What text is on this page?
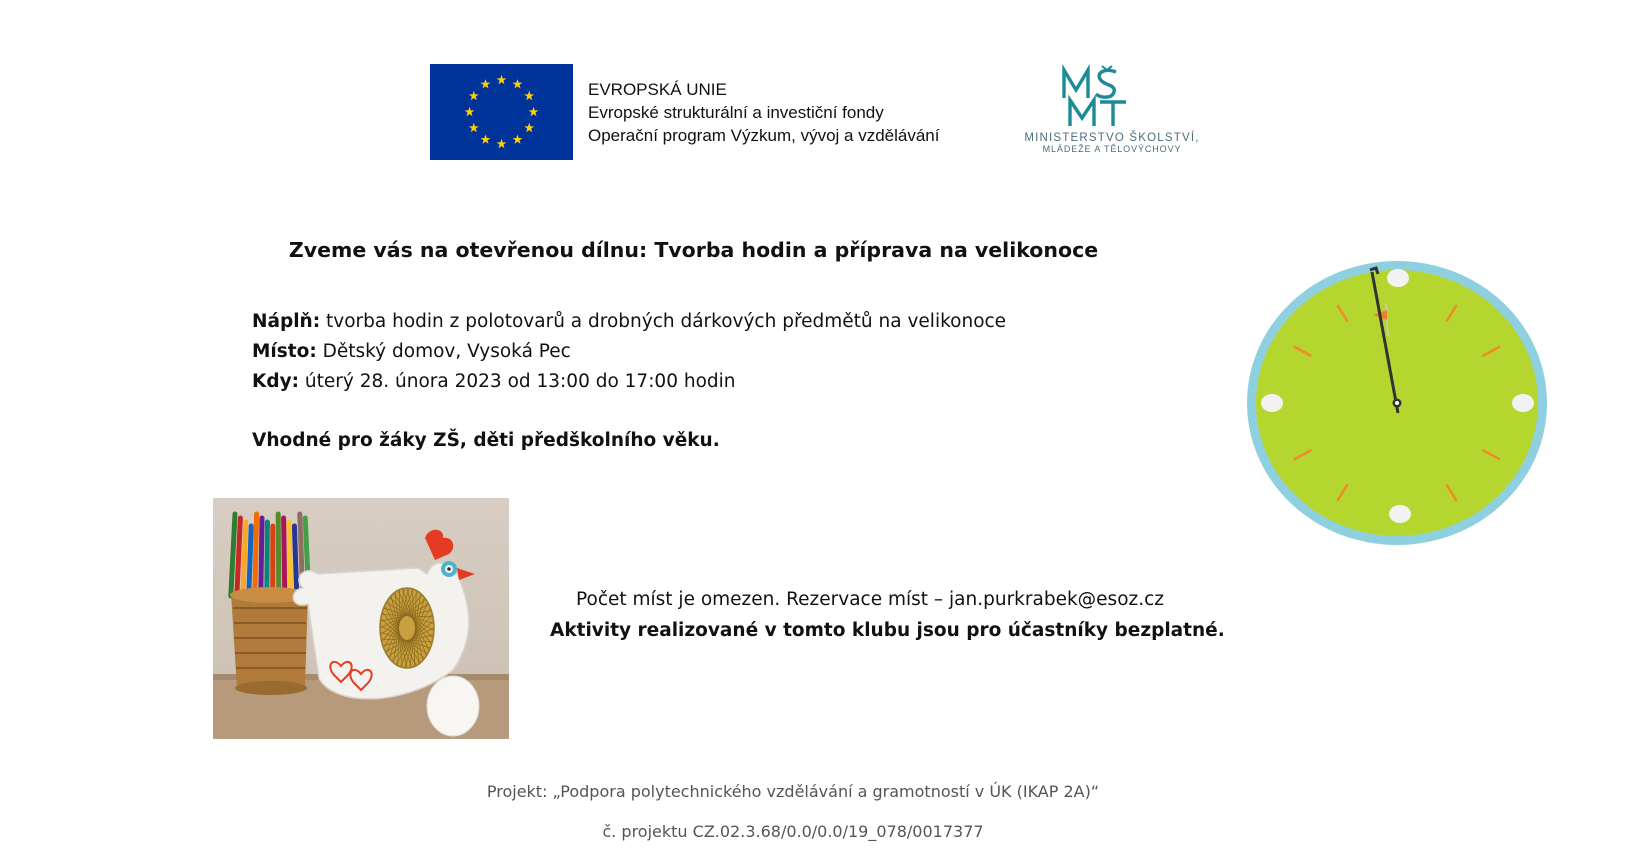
EVROPSKÁ UNIE
Evropské strukturální a investiční fondy
Operační program Výzkum, vývoj a vzdělávání	MINISTERSTVO ŠKOLSTVÍ,
MLÁDEŽE A TĚLOVÝCHOVY
Zveme vás na otevřenou dílnu: Tvorba hodin a příprava na velikonoce
Náplň: tvorba hodin z polotovarů a drobných dárkových předmětů na velikonoce
Místo: Dětský domov, Vysoká Pec
Kdy: úterý 28. února 2023 od 13:00 do 17:00 hodin
Vhodné pro žáky ZŠ, děti předškolního věku.
Počet míst je omezen. Rezervace míst – jan.purkrabek@esoz.cz
Aktivity realizované v tomto klubu jsou pro účastníky bezplatné.
Projekt: „Podpora polytechnického vzdělávání a gramotností v ÚK (IKAP 2A)“
č. projektu CZ.02.3.68/0.0/0.0/19_078/0017377
